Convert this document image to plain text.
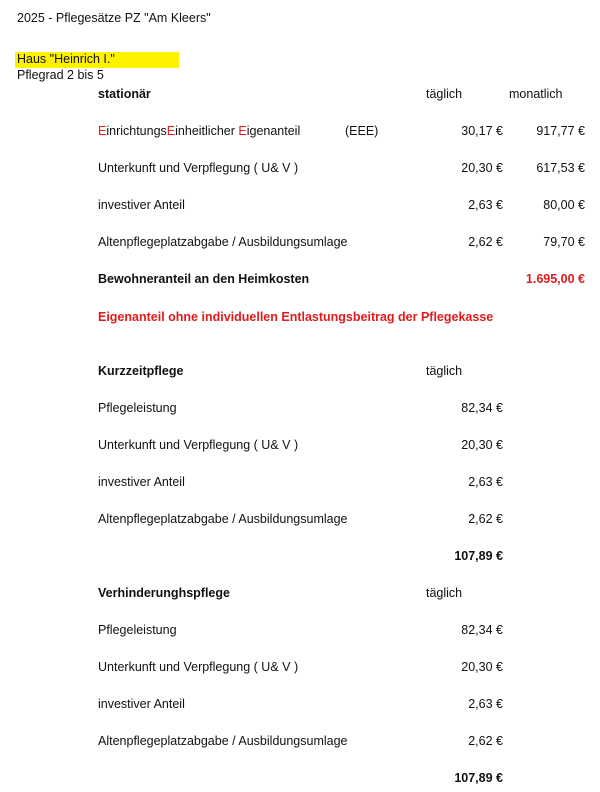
2025 - Pflegesätze PZ "Am Kleers"
Haus "Heinrich I."
Pflegrad 2 bis 5
stationär	täglich	monatlich
EinrichtungsEinheitlicher Eigenanteil	(EEE)	30,17 €	917,77 €
Unterkunft und Verpflegung ( U& V )	20,30 €	617,53 €
investiver Anteil	2,63 €	80,00 €
Altenpflegeplatzabgabe / Ausbildungsumlage	2,62 €	79,70 €
Bewohneranteil an den Heimkosten	1.695,00 €
Eigenanteil ohne individuellen Entlastungsbeitrag der Pflegekasse
Kurzzeitpflege	täglich
Pflegeleistung	82,34 €
Unterkunft und Verpflegung ( U& V )	20,30 €
investiver Anteil	2,63 €
Altenpflegeplatzabgabe / Ausbildungsumlage	2,62 €
107,89 €
Verhinderunghspflege	täglich
Pflegeleistung	82,34 €
Unterkunft und Verpflegung ( U& V )	20,30 €
investiver Anteil	2,63 €
Altenpflegeplatzabgabe / Ausbildungsumlage	2,62 €
107,89 €
